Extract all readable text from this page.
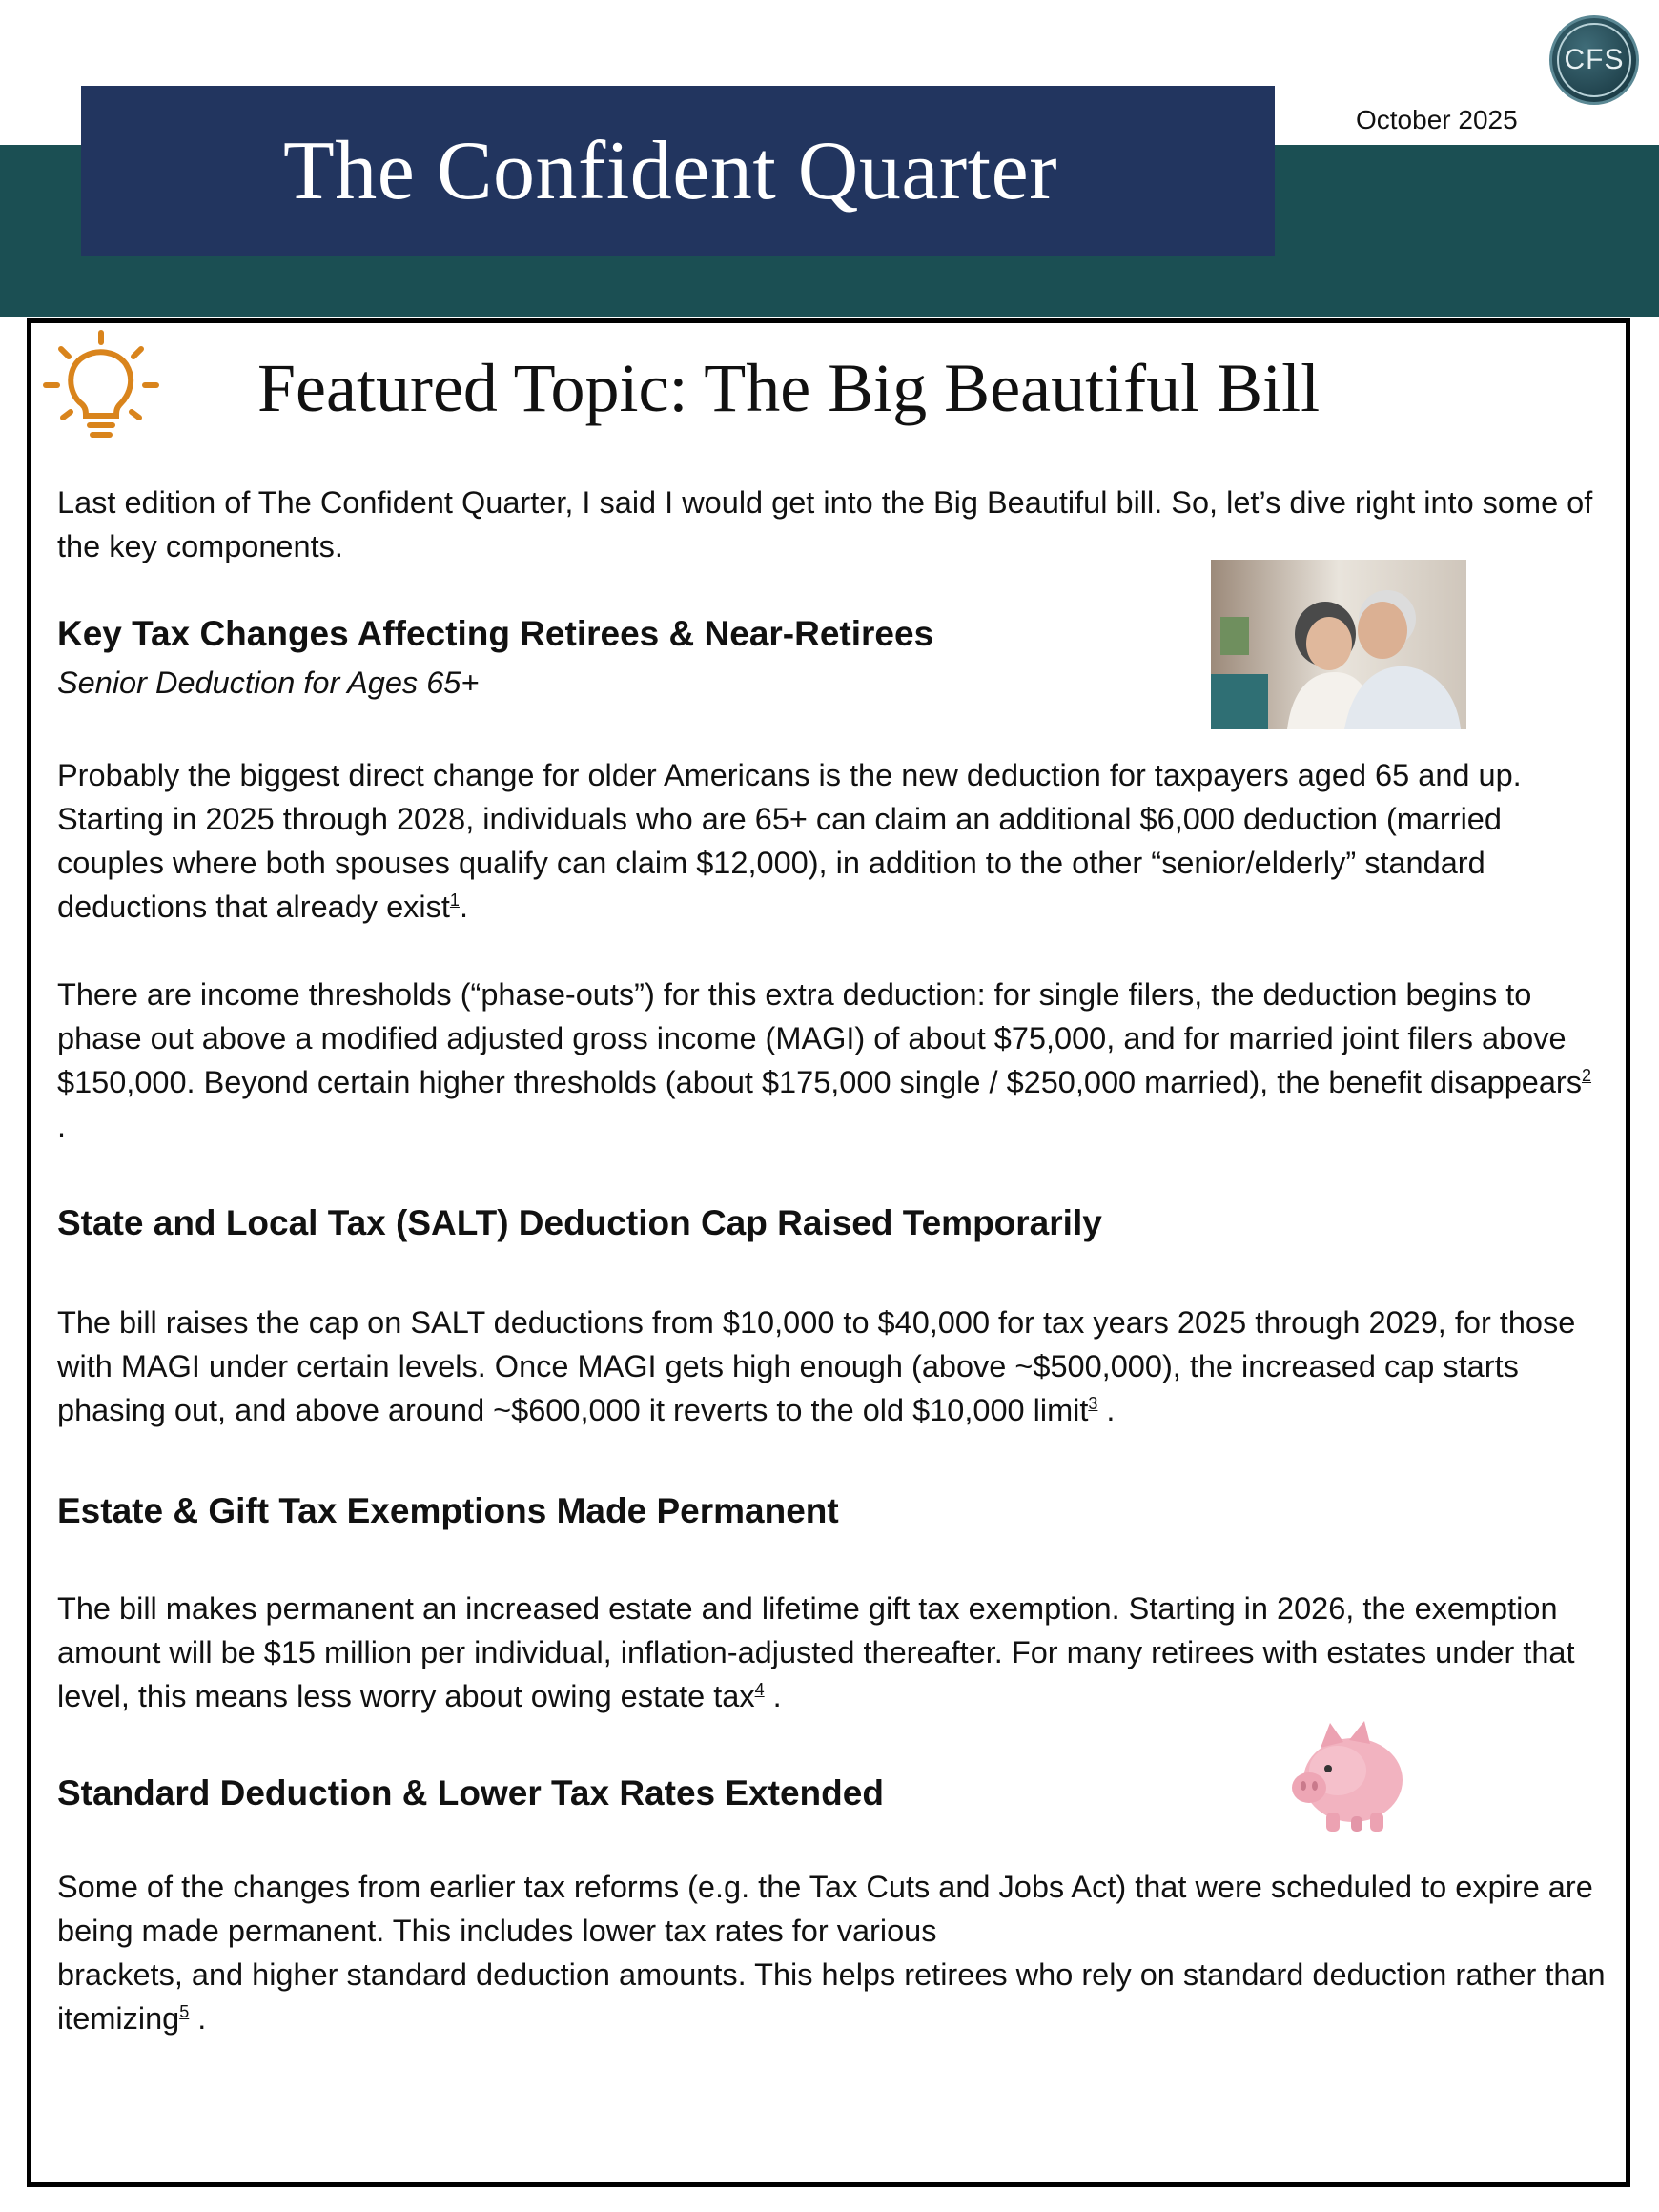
The Confident Quarter
October 2025
CFS
Featured Topic: The Big Beautiful Bill

Last edition of The Confident Quarter, I said I would get into the Big Beautiful bill. So, let’s dive right into some of the key components.

Key Tax Changes Affecting Retirees & Near-Retirees

Senior Deduction for Ages 65+

Probably the biggest direct change for older Americans is the new deduction for taxpayers aged 65 and up. Starting in 2025 through 2028, individuals who are 65+ can claim an additional $6,000 deduction (married couples where both spouses qualify can claim $12,000), in addition to the other “senior/elderly” standard deductions that already exist$^1$.

There are income thresholds (“phase-outs”) for this extra deduction: for single filers, the deduction begins to phase out above a modified adjusted gross income (MAGI) of about $75,000, and for married joint filers above $150,000. Beyond certain higher thresholds (about $175,000 single / $250,000 married), the benefit disappears$^2$ .

State and Local Tax (SALT) Deduction Cap Raised Temporarily

The bill raises the cap on SALT deductions from $10,000 to $40,000 for tax years 2025 through 2029, for those with MAGI under certain levels. Once MAGI gets high enough (above ~$500,000), the increased cap starts phasing out, and above around ~$600,000 it reverts to the old $10,000 limit$^3$ .

Estate & Gift Tax Exemptions Made Permanent

The bill makes permanent an increased estate and lifetime gift tax exemption. Starting in 2026, the exemption amount will be $15 million per individual, inflation-adjusted thereafter. For many retirees with estates under that level, this means less worry about owing estate tax$^4$ .

Standard Deduction & Lower Tax Rates Extended

Some of the changes from earlier tax reforms (e.g. the Tax Cuts and Jobs Act) that were scheduled to expire are being made permanent. This includes lower tax rates for various

brackets, and higher standard deduction amounts. This helps retirees who rely on standard deduction rather than itemizing$^5$ .
